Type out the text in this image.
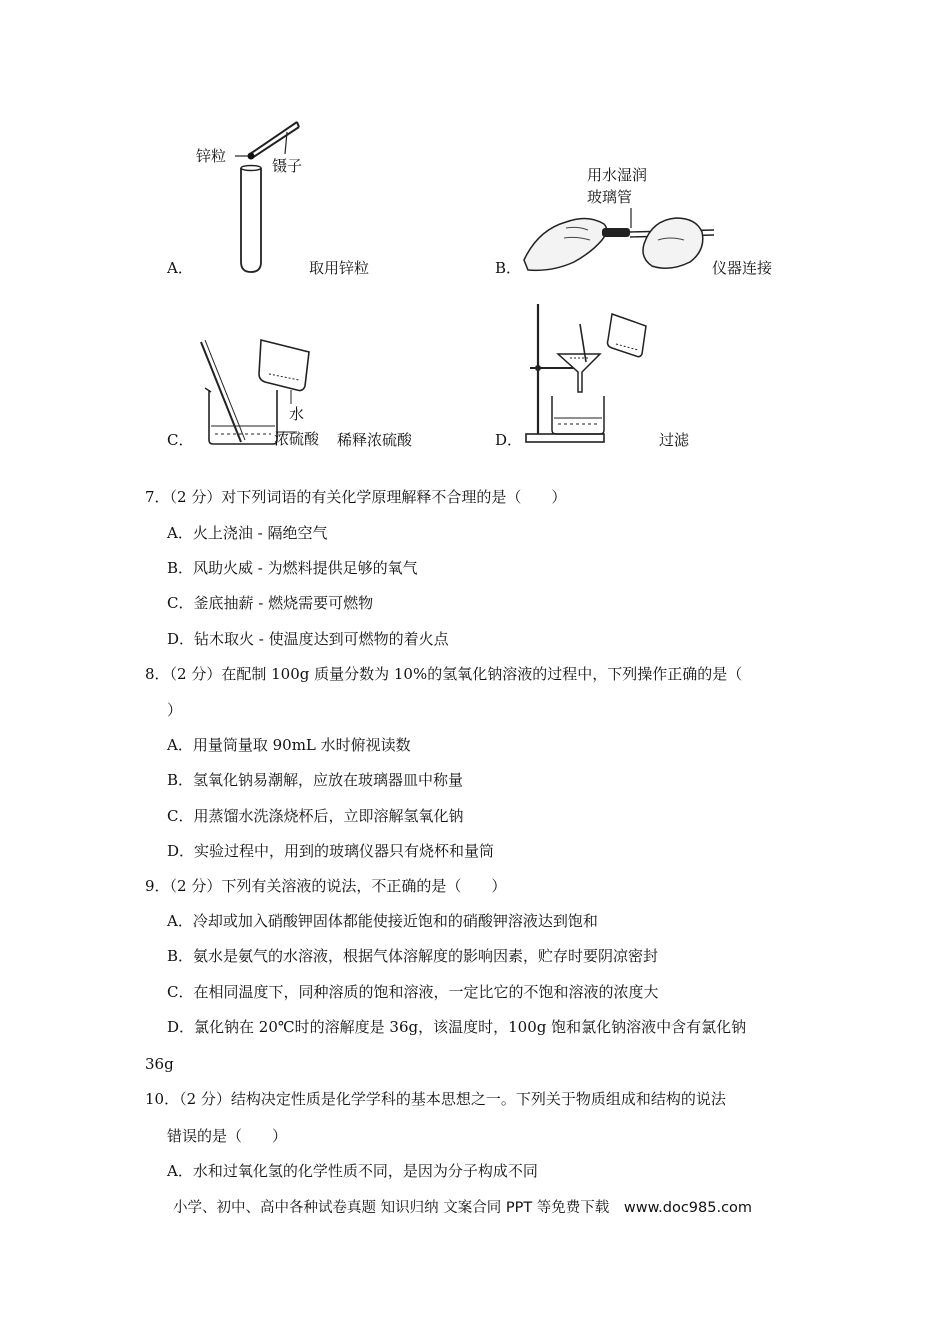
A．
锌粒
镊子
取用锌粒	B．
用水湿润
玻璃管
仪器连接
C．
水
浓硫酸 稀释浓硫酸	D．	过滤
7．（2 分）对下列词语的有关化学原理解释不合理的是（　　）
A．火上浇油 - 隔绝空气
B．风助火威 - 为燃料提供足够的氧气
C．釜底抽薪 - 燃烧需要可燃物
D．钻木取火 - 使温度达到可燃物的着火点
8．（2 分）在配制 100g 质量分数为 10%的氢氧化钠溶液的过程中，下列操作正确的是（
）
A．用量筒量取 90mL 水时俯视读数
B．氢氧化钠易潮解，应放在玻璃器皿中称量
C．用蒸馏水洗涤烧杯后，立即溶解氢氧化钠
D．实验过程中，用到的玻璃仪器只有烧杯和量筒
9．（2 分）下列有关溶液的说法，不正确的是（　　）
A．冷却或加入硝酸钾固体都能使接近饱和的硝酸钾溶液达到饱和
B．氨水是氨气的水溶液，根据气体溶解度的影响因素，贮存时要阴凉密封
C．在相同温度下，同种溶质的饱和溶液，一定比它的不饱和溶液的浓度大
D．氯化钠在 20℃时的溶解度是 36g，该温度时，100g 饱和氯化钠溶液中含有氯化钠
36g
10．（2 分）结构决定性质是化学学科的基本思想之一。下列关于物质组成和结构的说法
错误的是（　　）
A．水和过氧化氢的化学性质不同，是因为分子构成不同
小学、初中、高中各种试卷真题 知识归纳 文案合同 PPT 等免费下载 www.doc985.com
